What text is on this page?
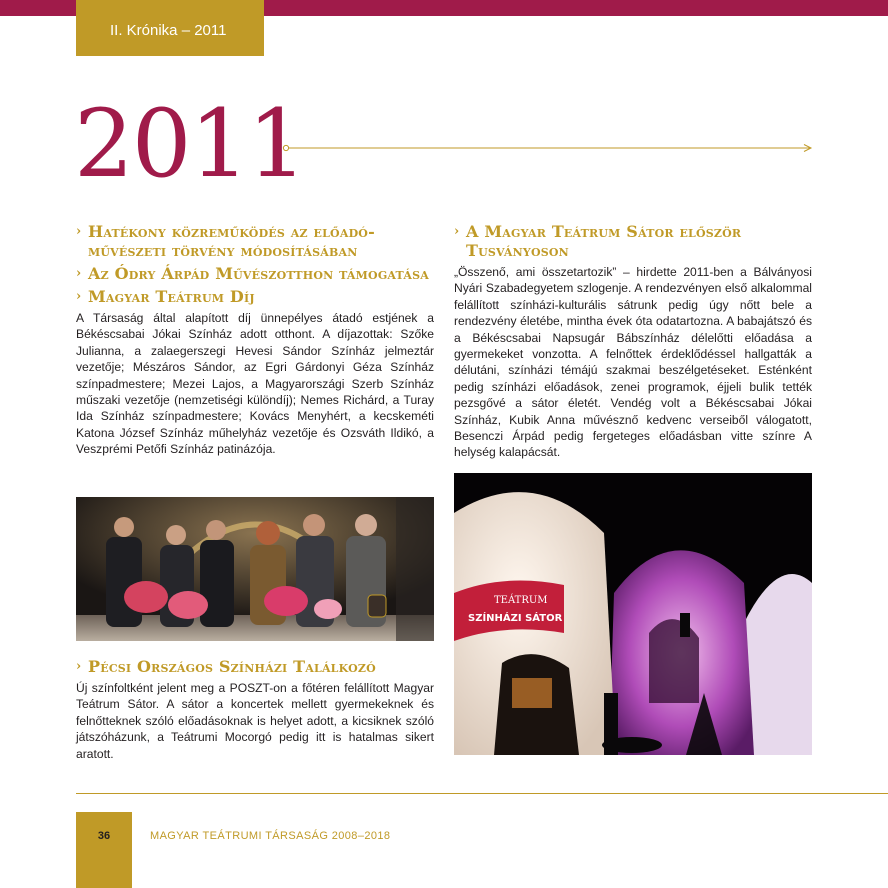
II. Krónika – 2011
2011
› Hatékony közreműködés az előadó-művészeti törvény módosításában
› Az Ódry Árpád Művészotthon támogatása
› Magyar Teátrum Díj

A Társaság által alapított díj ünnepélyes átadó estjének a Békéscsabai Jókai Színház adott otthont. A díjazottak: Szőke Julianna, a zalaegerszegi Hevesi Sándor Színház jelmeztár vezetője; Mészáros Sándor, az Egri Gárdonyi Géza Színház színpadmestere; Mezei Lajos, a Magyarországi Szerb Színház műszaki vezetője (nemzetiségi különdíj); Nemes Richárd, a Turay Ida Színház színpadmestere; Kovács Menyhért, a kecskeméti Katona József Színház műhelyház vezetője és Ozsváth Ildikó, a Veszprémi Petőfi Színház patinázója.

› Pécsi Országos Színházi Találkozó

Új színfoltként jelent meg a POSZT-on a főtéren felállított Magyar Teátrum Sátor. A sátor a koncertek mellett gyermekeknek és felnőtteknek szóló előadásoknak is helyet adott, a kicsiknek szóló játszóházunk, a Teátrumi Mocorgó pedig itt is hatalmas sikert aratott.

› A Magyar Teátrum Sátor először Tusványoson

„Összenő, ami összetartozik” – hirdette 2011-ben a Bálványosi Nyári Szabadegyetem szlogenje. A rendezvényen első alkalommal felállított színházi-kulturális sátrunk pedig úgy nőtt bele a rendezvény életébe, mintha évek óta odatartozna. A babajátszó és a Békéscsabai Napsugár Bábszínház délelőtti előadása a gyermekeket vonzotta. A felnőttek érdeklődéssel hallgatták a délutáni, színházi témájú szakmai beszélgetéseket. Esténként pedig színházi előadások, zenei programok, éjjeli bulik tették pezsgővé a sátor életét. Vendég volt a Békéscsabai Jókai Színház, Kubik Anna művésznő kedvenc verseiből válogatott, Besenczi Árpád pedig fergeteges előadásban vitte színre A helység kalapácsát.

TEÁTRUM
SZÍNHÁZI SÁTOR
36	MAGYAR TEÁTRUMI TÁRSASÁG 2008–2018
